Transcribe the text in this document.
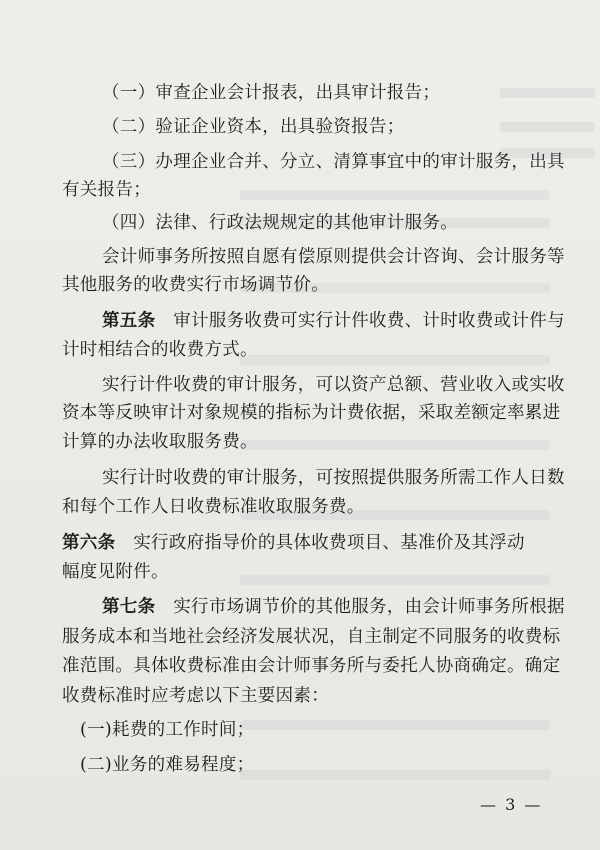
（一）审查企业会计报表，出具审计报告；
（二）验证企业资本，出具验资报告；
（三）办理企业合并、分立、清算事宜中的审计服务，出具
有关报告；
（四）法律、行政法规规定的其他审计服务。
会计师事务所按照自愿有偿原则提供会计咨询、会计服务等
其他服务的收费实行市场调节价。
第五条  审计服务收费可实行计件收费、计时收费或计件与
计时相结合的收费方式。
实行计件收费的审计服务，可以资产总额、营业收入或实收
资本等反映审计对象规模的指标为计费依据，采取差额定率累进
计算的办法收取服务费。
实行计时收费的审计服务，可按照提供服务所需工作人日数
和每个工作人日收费标准收取服务费。
第六条  实行政府指导价的具体收费项目、基准价及其浮动
幅度见附件。
第七条  实行市场调节价的其他服务，由会计师事务所根据
服务成本和当地社会经济发展状况，自主制定不同服务的收费标
准范围。具体收费标准由会计师事务所与委托人协商确定。确定
收费标准时应考虑以下主要因素：
(一)耗费的工作时间；
(二)业务的难易程度；
— 3 —
